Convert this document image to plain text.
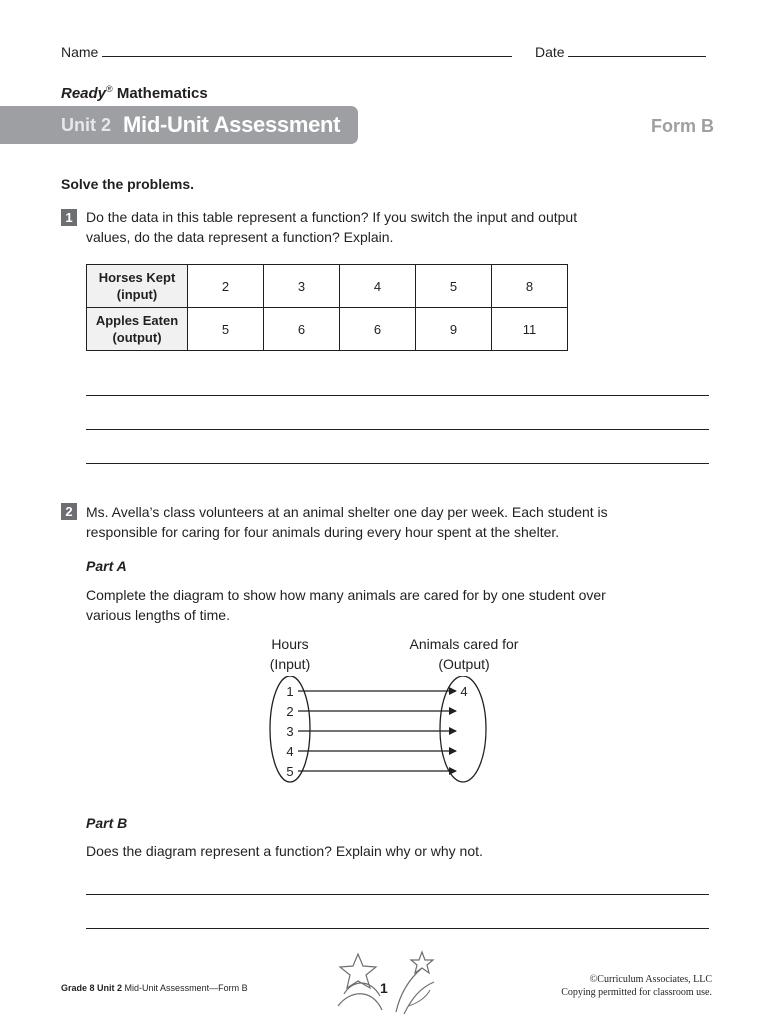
Name	Date
Ready® Mathematics
Unit 2 Mid-Unit Assessment	Form B
Solve the problems.
1 Do the data in this table represent a function? If you switch the input and output
values, do the data represent a function? Explain.
Horses Kept
(input)	2	3	4	5	8

Apples Eaten
(output)	5	6	6	9	11
2 Ms. Avella’s class volunteers at an animal shelter one day per week. Each student is
responsible for caring for four animals during every hour spent at the shelter.
Part A
Complete the diagram to show how many animals are cared for by one student over
various lengths of time.
Hours
(Input)
Animals cared for
(Output)
1
2
3
4
5
4
Part B
Does the diagram represent a function? Explain why or why not.
Grade 8 Unit 2 Mid-Unit Assessment—Form B	1
©Curriculum Associates, LLC
Copying permitted for classroom use.
